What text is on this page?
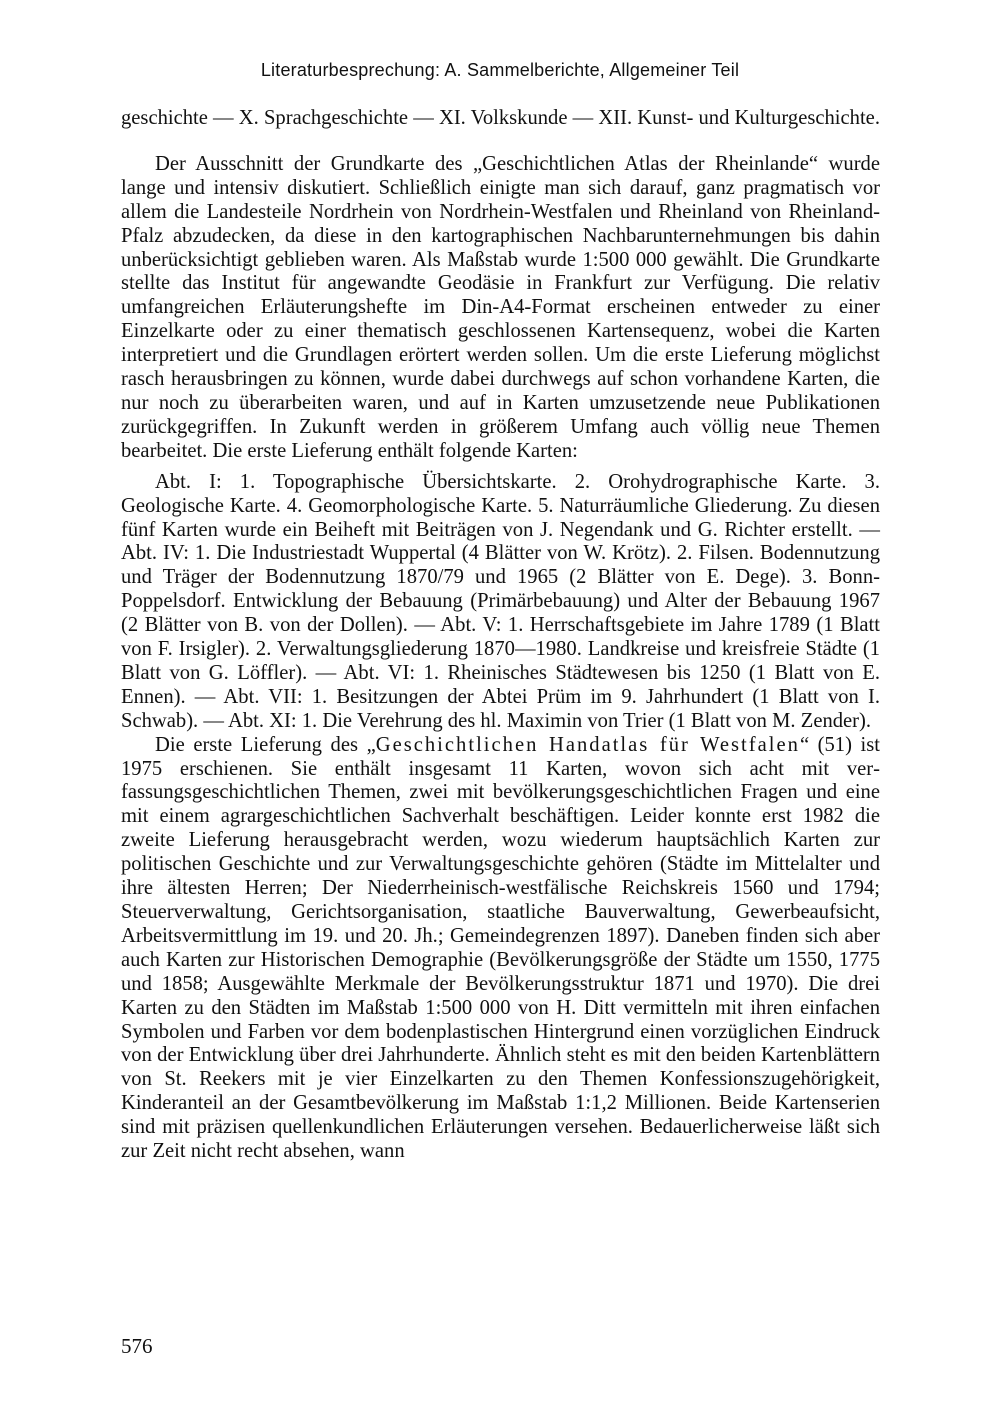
Literaturbesprechung: A. Sammelberichte, Allgemeiner Teil

geschichte — X. Sprachgeschichte — XI. Volkskunde — XII. Kunst- und Kulturgeschichte.

Der Ausschnitt der Grundkarte des „Geschichtlichen Atlas der Rheinlande“ wurde lange und intensiv diskutiert. Schließlich einigte man sich darauf, ganz pragmatisch vor allem die Landesteile Nordrhein von Nordrhein-Westfalen und Rheinland von Rheinland-Pfalz abzudecken, da diese in den kartographischen Nachbarunternehmungen bis dahin unberücksichtigt geblieben waren. Als Maßstab wurde 1:500 000 gewählt. Die Grundkarte stellte das Institut für angewandte Geodäsie in Frankfurt zur Verfügung. Die relativ umfangreichen Erläuterungshefte im Din-A4-Format erscheinen entweder zu einer Einzelkarte oder zu einer thematisch geschlossenen Kartensequenz, wobei die Karten interpretiert und die Grundlagen erörtert werden sollen. Um die erste Lieferung möglichst rasch herausbringen zu können, wurde dabei durchwegs auf schon vorhandene Karten, die nur noch zu überarbeiten waren, und auf in Karten umzusetzende neue Publikationen zurückgegriffen. In Zukunft werden in größerem Umfang auch völlig neue Themen bearbeitet. Die erste Lieferung enthält folgende Karten:

Abt. I: 1. Topographische Übersichtskarte. 2. Orohydrographische Karte. 3. Geologische Karte. 4. Geomorphologische Karte. 5. Naturräumliche Gliederung. Zu diesen fünf Karten wurde ein Beiheft mit Beiträgen von J. Negendank und G. Richter erstellt. — Abt. IV: 1. Die Industriestadt Wuppertal (4 Blätter von W. Krötz). 2. Filsen. Bodennutzung und Träger der Bodennutzung 1870/79 und 1965 (2 Blätter von E. Dege). 3. Bonn-Poppelsdorf. Entwicklung der Bebauung (Primärbebauung) und Alter der Bebauung 1967 (2 Blätter von B. von der Dollen). — Abt. V: 1. Herrschaftsgebiete im Jahre 1789 (1 Blatt von F. Irsigler). 2. Verwaltungsgliederung 1870—1980. Landkreise und kreisfreie Städte (1 Blatt von G. Löffler). — Abt. VI: 1. Rheinisches Städtewesen bis 1250 (1 Blatt von E. Ennen). — Abt. VII: 1. Besitzungen der Abtei Prüm im 9. Jahrhundert (1 Blatt von I. Schwab). — Abt. XI: 1. Die Verehrung des hl. Maximin von Trier (1 Blatt von M. Zender).

Die erste Lieferung des „Geschichtlichen Handatlas für Westfalen“ (51) ist 1975 erschienen. Sie enthält insgesamt 11 Karten, wovon sich acht mit verfassungsgeschichtlichen Themen, zwei mit bevölkerungsgeschichtlichen Fragen und eine mit einem agrargeschichtlichen Sachverhalt beschäftigen. Leider konnte erst 1982 die zweite Lieferung herausgebracht werden, wozu wiederum hauptsächlich Karten zur politischen Geschichte und zur Verwaltungsgeschichte gehören (Städte im Mittelalter und ihre ältesten Herren; Der Niederrheinisch-westfälische Reichskreis 1560 und 1794; Steuerverwaltung, Gerichtsorganisation, staatliche Bauverwaltung, Gewerbeaufsicht, Arbeitsvermittlung im 19. und 20. Jh.; Gemeindegrenzen 1897). Daneben finden sich aber auch Karten zur Historischen Demographie (Bevölkerungsgröße der Städte um 1550, 1775 und 1858; Ausgewählte Merkmale der Bevölkerungsstruktur 1871 und 1970). Die drei Karten zu den Städten im Maßstab 1:500 000 von H. Ditt vermitteln mit ihren einfachen Symbolen und Farben vor dem bodenplastischen Hintergrund einen vorzüglichen Eindruck von der Entwicklung über drei Jahrhunderte. Ähnlich steht es mit den beiden Kartenblättern von St. Reekers mit je vier Einzelkarten zu den Themen Konfessionszugehörigkeit, Kinderanteil an der Gesamtbevölkerung im Maßstab 1:1,2 Millionen. Beide Kartenserien sind mit präzisen quellenkundlichen Erläuterungen versehen. Bedauerlicherweise läßt sich zur Zeit nicht recht absehen, wann

576
